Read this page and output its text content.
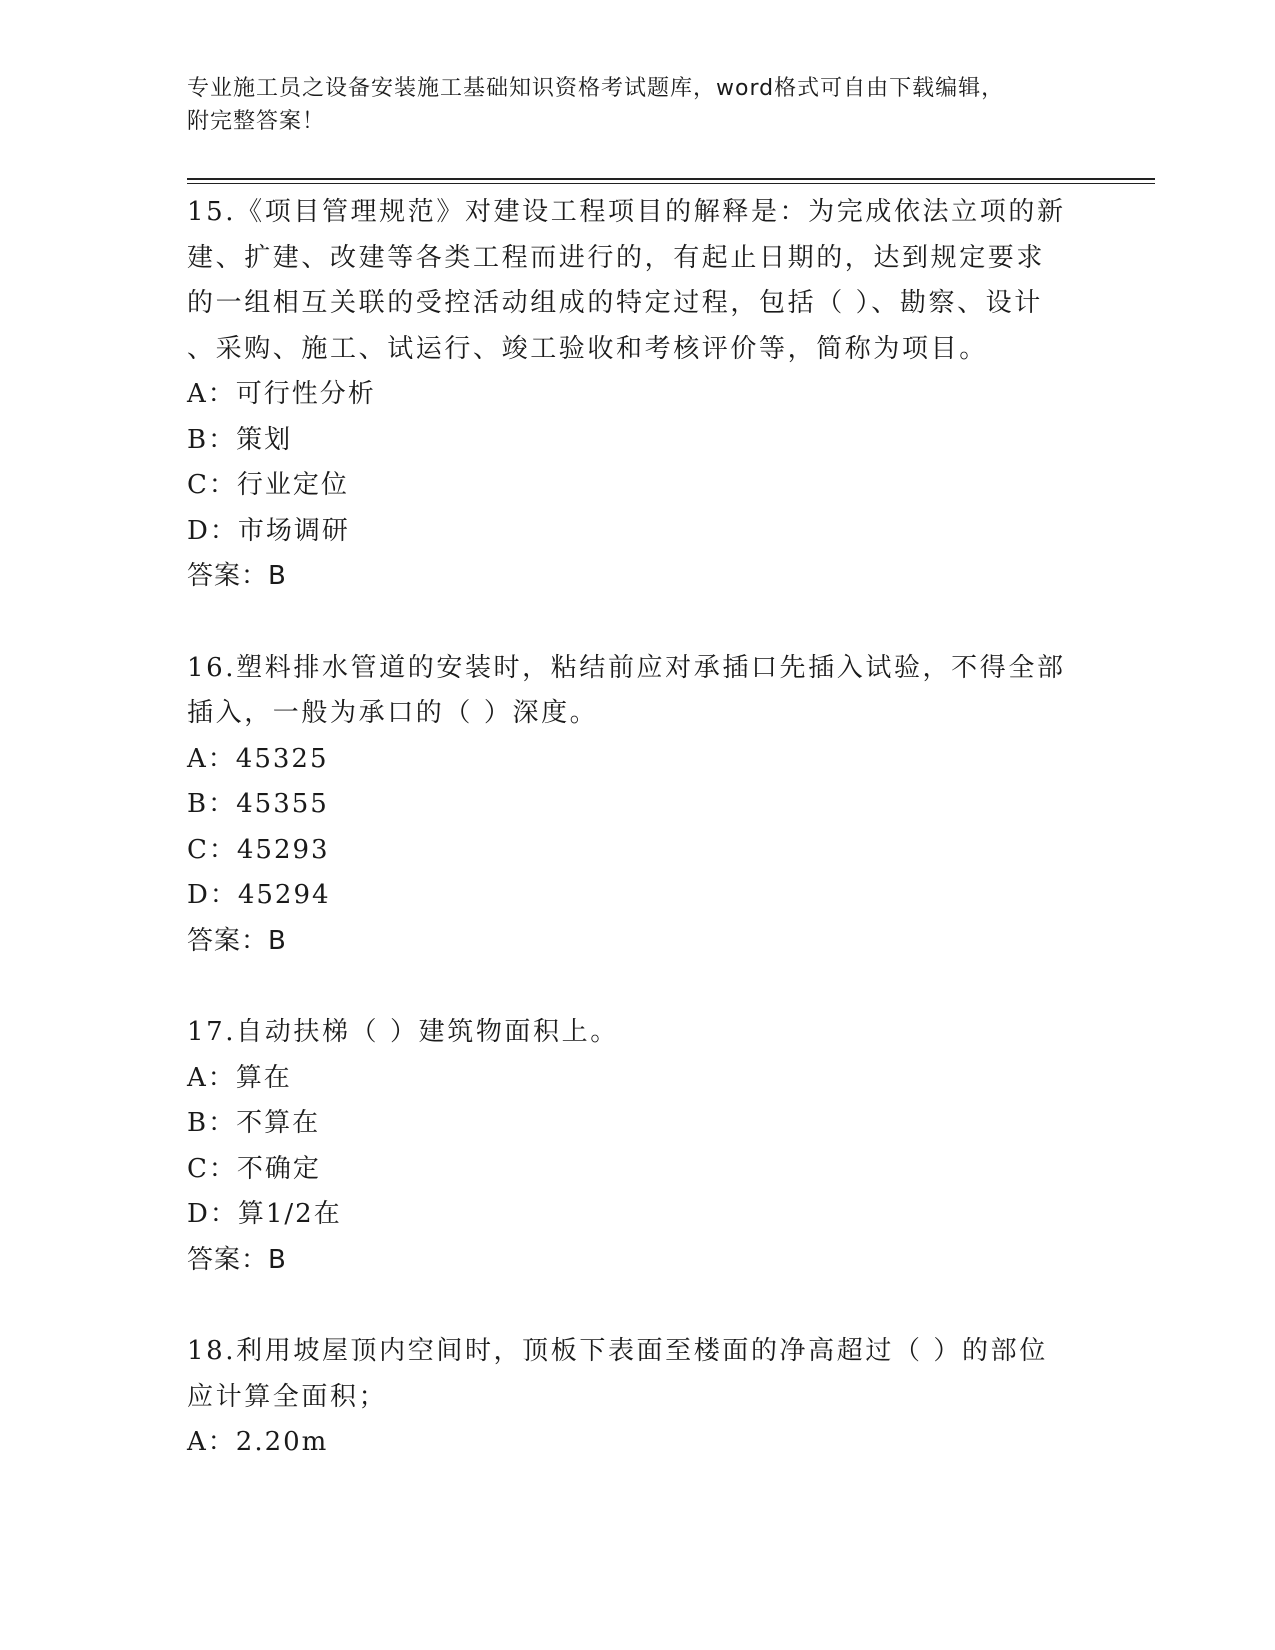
专业施工员之设备安装施工基础知识资格考试题库，word格式可自由下载编辑，
附完整答案！

15.《项目管理规范》对建设工程项目的解释是：为完成依法立项的新

建、扩建、改建等各类工程而进行的，有起止日期的，达到规定要求

的一组相互关联的受控活动组成的特定过程，包括（ ）、勘察、设计

、采购、施工、试运行、竣工验收和考核评价等，简称为项目。

A：可行性分析

B：策划

C：行业定位

D：市场调研

答案：B

16.塑料排水管道的安装时，粘结前应对承插口先插入试验，不得全部

插入，一般为承口的（ ）深度。

A：45325

B：45355

C：45293

D：45294

答案：B

17.自动扶梯（ ）建筑物面积上。

A：算在

B：不算在

C：不确定

D：算1/2在

答案：B

18.利用坡屋顶内空间时，顶板下表面至楼面的净高超过（ ）的部位

应计算全面积；

A：2.20m
